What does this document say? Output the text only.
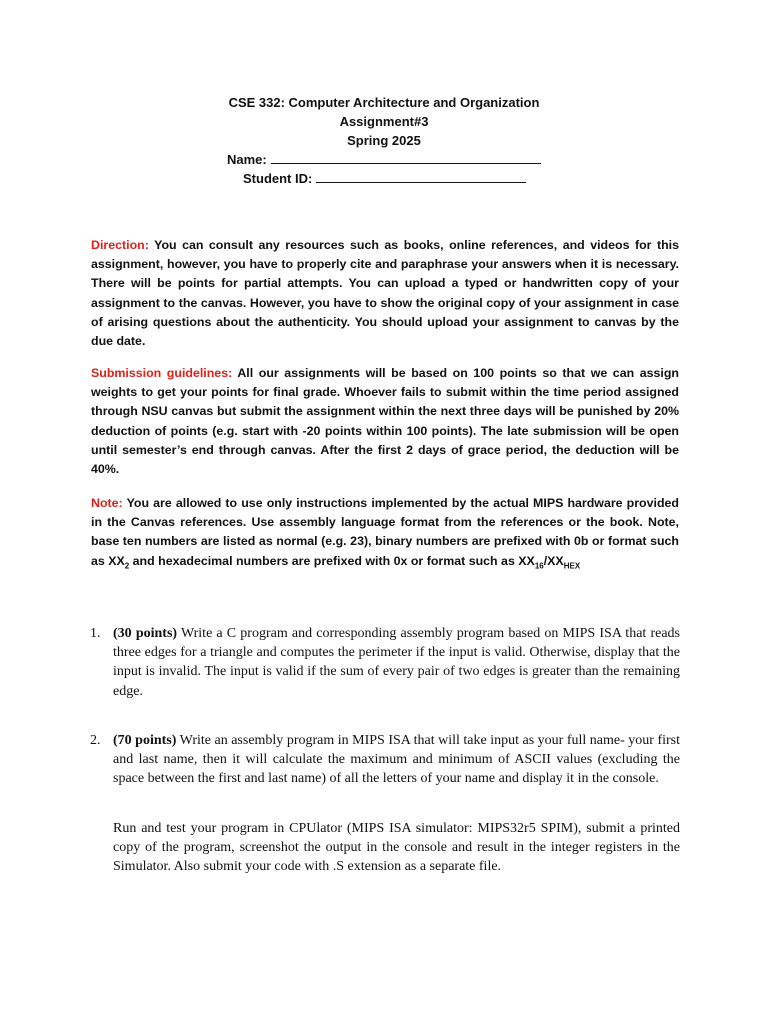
CSE 332: Computer Architecture and Organization
Assignment#3
Spring 2025
Name:
Student ID:
Direction: You can consult any resources such as books, online references, and videos for this assignment, however, you have to properly cite and paraphrase your answers when it is necessary. There will be points for partial attempts. You can upload a typed or handwritten copy of your assignment to the canvas. However, you have to show the original copy of your assignment in case of arising questions about the authenticity. You should upload your assignment to canvas by the due date.
Submission guidelines: All our assignments will be based on 100 points so that we can assign weights to get your points for final grade. Whoever fails to submit within the time period assigned through NSU canvas but submit the assignment within the next three days will be punished by 20% deduction of points (e.g. start with -20 points within 100 points). The late submission will be open until semester’s end through canvas. After the first 2 days of grace period, the deduction will be 40%.
Note: You are allowed to use only instructions implemented by the actual MIPS hardware provided in the Canvas references. Use assembly language format from the references or the book. Note, base ten numbers are listed as normal (e.g. 23), binary numbers are prefixed with 0b or format such as $XX_2$ and hexadecimal numbers are prefixed with 0x or format such as $XX_{16}/XX_{HEX}$
1. (30 points) Write a C program and corresponding assembly program based on MIPS ISA that reads three edges for a triangle and computes the perimeter if the input is valid. Otherwise, display that the input is invalid. The input is valid if the sum of every pair of two edges is greater than the remaining edge.
2. (70 points) Write an assembly program in MIPS ISA that will take input as your full name- your first and last name, then it will calculate the maximum and minimum of ASCII values (excluding the space between the first and last name) of all the letters of your name and display it in the console.
Run and test your program in CPUlator (MIPS ISA simulator: MIPS32r5 SPIM), submit a printed copy of the program, screenshot the output in the console and result in the integer registers in the Simulator. Also submit your code with .S extension as a separate file.
